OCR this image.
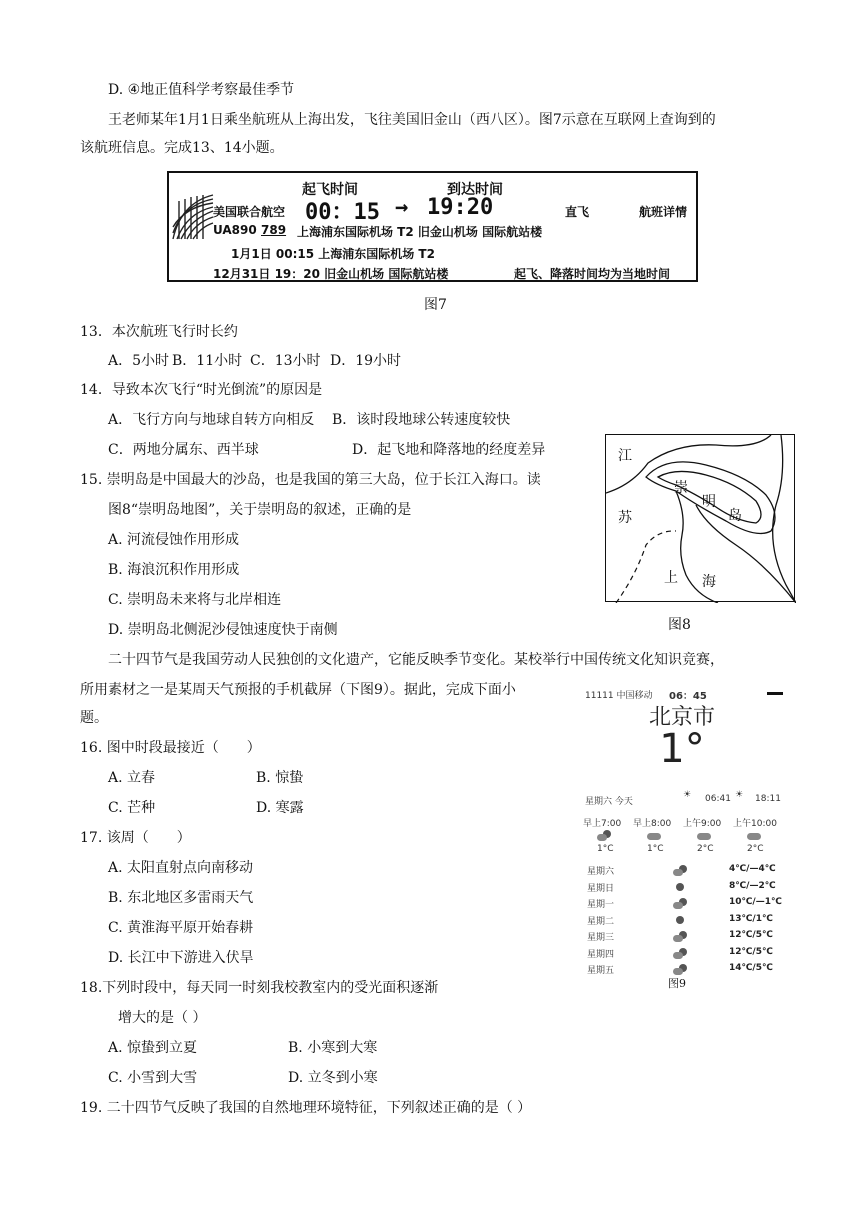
D. ④地正值科学考察最佳季节
王老师某年1月1日乘坐航班从上海出发，飞往美国旧金山（西八区）。图7示意在互联网上查询到的
该航班信息。完成13、14小题。
起飞时间	到达时间
美国联合航空 00：15 → 19:20	直飞	航班详情
UA890 789 上海浦东国际机场 T2 旧金山机场 国际航站楼
1月1日 00:15 上海浦东国际机场 T2
12月31日 19：20 旧金山机场 国际航站楼	起飞、降落时间均为当地时间
图7
13．本次航班飞行时长约
A．5小时 B．11小时 C．13小时 D．19小时
14．导致本次飞行“时光倒流”的原因是
A．飞行方向与地球自转方向相反 B．该时段地球公转速度较快
C．两地分属东、西半球	D．起飞地和降落地的经度差异
15. 崇明岛是中国最大的沙岛，也是我国的第三大岛，位于长江入海口。读
图8“崇明岛地图”，关于崇明岛的叙述，正确的是
A. 河流侵蚀作用形成
B. 海浪沉积作用形成
C. 崇明岛未来将与北岸相连
D. 崇明岛北侧泥沙侵蚀速度快于南侧
江
苏
崇
明
岛
上 海
图8
二十四节气是我国劳动人民独创的文化遗产，它能反映季节变化。某校举行中国传统文化知识竞赛，
所用素材之一是某周天气预报的手机截屏（下图9）。据此，完成下面小
题。
16. 图中时段最接近（　　）
A. 立春	B. 惊蛰
C. 芒种	D. 寒露
17. 该周（　　）
A. 太阳直射点向南移动
B. 东北地区多雷雨天气
C. 黄淮海平原开始春耕
D. 长江中下游进入伏旱
11111 中国移动 06：45
北京市
1°
星期六 今天
☀ 06:41 ☀ 18:11
早上7:00
1°C
早上8:00
1°C
上午9:00
2°C
上午10:00
2°C
星期六	4℃/—4℃
星期日	8℃/—2℃
星期一	10℃/—1℃
星期二	13℃/1℃
星期三	12℃/5℃
星期四	12℃/5℃
星期五	14℃/5℃
图9
18.下列时段中，每天同一时刻我校教室内的受光面积逐渐
增大的是（ ）
A. 惊蛰到立夏	B. 小寒到大寒
C. 小雪到大雪	D. 立冬到小寒
19. 二十四节气反映了我国的自然地理环境特征，下列叙述正确的是（ ）
